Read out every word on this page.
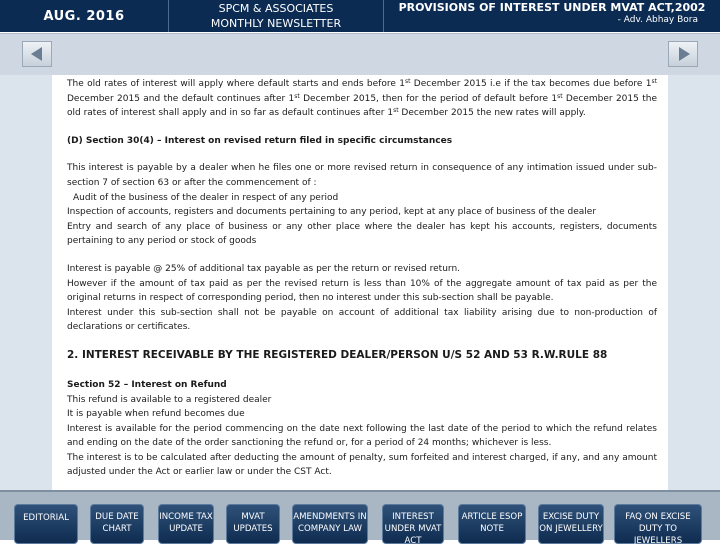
AUG. 2016	SPCM & ASSOCIATES
MONTHLY NEWSLETTER
PROVISIONS OF INTEREST UNDER MVAT ACT,2002
- Adv. Abhay Bora
The old rates of interest will apply where default starts and ends before 1st December 2015 i.e if the tax becomes due before 1st December 2015 and the default continues after 1st December 2015, then for the period of default before 1st December 2015 the old rates of interest shall apply and in so far as default continues after 1st December 2015 the new rates will apply.
(D) Section 30(4) – Interest on revised return filed in specific circumstances
This interest is payable by a dealer when he files one or more revised return in consequence of any intimation issued under sub-section 7 of section 63 or after the commencement of :
Audit of the business of the dealer in respect of any period
Inspection of accounts, registers and documents pertaining to any period, kept at any place of business of the dealer
Entry and search of any place of business or any other place where the dealer has kept his accounts, registers, documents pertaining to any period or stock of goods
Interest is payable @ 25% of additional tax payable as per the return or revised return.
However if the amount of tax paid as per the revised return is less than 10% of the aggregate amount of tax paid as per the original returns in respect of corresponding period, then no interest under this sub-section shall be payable.
Interest under this sub-section shall not be payable on account of additional tax liability arising due to non-production of declarations or certificates.
2. INTEREST RECEIVABLE BY THE REGISTERED DEALER/PERSON U/S 52 AND 53 R.W.RULE 88
Section 52 – Interest on Refund
This refund is available to a registered dealer
It is payable when refund becomes due
Interest is available for the period commencing on the date next following the last date of the period to which the refund relates and ending on the date of the order sanctioning the refund or, for a period of 24 months; whichever is less.
The interest is to be calculated after deducting the amount of penalty, sum forfeited and interest charged, if any, and any amount adjusted under the Act or earlier law or under the CST Act.
EDITORIAL	DUE DATE CHART
INCOME TAX UPDATE
MVAT UPDATES
AMENDMENTS IN COMPANY LAW
INTEREST UNDER MVAT ACT
ARTICLE ESOP NOTE
EXCISE DUTY ON JEWELLERY
FAQ ON EXCISE DUTY TO JEWELLERS
